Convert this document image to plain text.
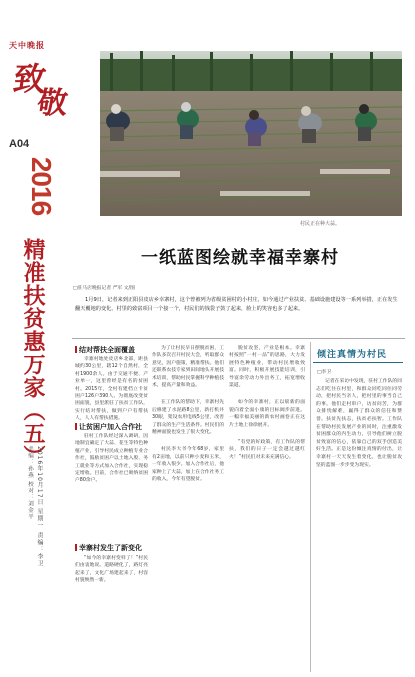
天中晚报
致
敬
A04
2016
精准扶贫惠万家（五）
美编：孙燕 校对：刘金平 2016年10月17日 星期一 责编：李卫
村民正在种大蒜。
一纸蓝图绘就幸福幸寨村
□驻马店晚报记者 严军 文/图
1月9日，记者来到正阳县皮店乡幸寨村，这个曾被列为省级贫困村的小村庄，如今通过产业扶贫、基础设施建设等一系列举措，正在发生翻天覆地的变化。村里的致富项目一个接一个，村民们的钱袋子鼓了起来，脸上的笑容也多了起来。
结对帮扶全面覆盖

幸寨村地处皮店乡北部，距县城约30公里，辖12个自然村，全村1900余人。由于交通不便、产业单一，这里曾经是有名的贫困村。2015年，全村有建档立卡贫困户126户390人。为彻底改变贫困面貌，县里派驻了扶贫工作队，实行结对帮扶，做到户户有帮扶人，人人有帮扶措施。

让贫困户加入合作社

驻村工作队经过深入调研，因地制宜确定了大蒜、花生等特色种植产业，引导村民成立种植专业合作社，鼓励贫困户以土地入股、务工就业等方式加入合作社，实现稳定增收。目前，合作社已吸纳贫困户80余户。

幸寨村发生了新变化

“如今的幸寨村变样了！”村民们由衷地说。道路硬化了，路灯亮起来了，文化广场建起来了，村容村貌焕然一新。

为了让村民早日摆脱贫困，工作队多次召开村民大会，听取群众意见，因户施策，精准帮扶。他们还联系农技专家到田间地头开展技术培训，帮助村民掌握科学种植技术，提高产量和效益。

在工作队的帮助下，幸寨村先后修建了水泥路8公里，新打机井30眼，架设农用电线5公里，改善了群众的生产生活条件。村民们的精神面貌也发生了很大变化。

村民李大爷今年68岁，家里有2亩地，以前只种小麦和玉米，一年收入很少。加入合作社后，他家种上了大蒜，加上在合作社务工的收入，今年有望脱贫。

脱贫攻坚，产业是根本。幸寨村按照“一村一品”的思路，大力发展特色种植业，带动村民增收致富。同时，积极开展技能培训，引导富余劳动力外出务工，拓宽增收渠道。

如今的幸寨村，正以崭新的面貌向着全面小康的目标阔步前进。一幅幸福美丽的新农村画卷正在这片土地上徐徐展开。

“有党的好政策，有工作队的帮扶，我们的日子一定会越过越红火！”村民们对未来充满信心。

倾注真情为村民
□李卫

记者在采访中发现，驻村工作队的同志们吃住在村里，和群众同吃同住同劳动，把村民当亲人，把村里的事当自己的事。他们走村串户，访贫问苦，为群众排忧解难，赢得了群众的信任和赞誉。扶贫先扶志，扶贫必扶智。工作队在帮助村民发展产业的同时，注重激发贫困群众的内生动力，引导他们树立脱贫致富的信心，依靠自己的双手创造美好生活。正是这份倾注真情的付出，让幸寨村一天天发生着变化，也让脱贫攻坚的蓝图一步步变为现实。
